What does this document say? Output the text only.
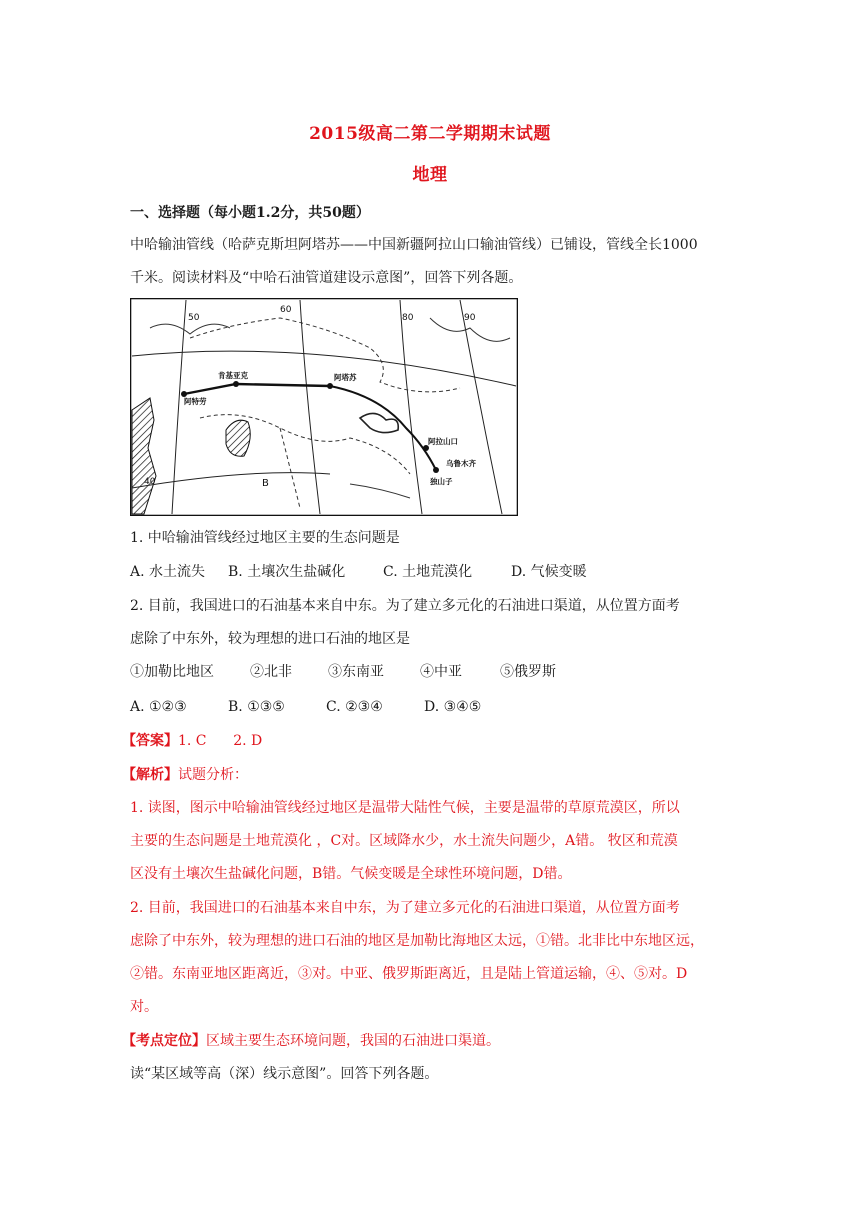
2015级高二第二学期期末试题
地理
一、选择题（每小题1.2分，共50题）
中哈输油管线（哈萨克斯坦阿塔苏——中国新疆阿拉山口输油管线）已铺设，管线全长1000
千米。阅读材料及“中哈石油管道建设示意图”，回答下列各题。
50
60
80	90
40
肯基亚克
阿特劳
阿塔苏
阿拉山口
乌鲁木齐
独山子
B
1. 中哈输油管线经过地区主要的生态问题是
A. 水土流失 B. 土壤次生盐碱化	C. 土地荒漠化	D. 气候变暖
2. 目前，我国进口的石油基本来自中东。为了建立多元化的石油进口渠道，从位置方面考
虑除了中东外，较为理想的进口石油的地区是
①加勒比地区	②北非	③东南亚	④中亚	⑤俄罗斯
A. ①②③	B. ①③⑤	C. ②③④	D. ③④⑤
【答案】1. C      2. D
【解析】试题分析：
1. 读图，图示中哈输油管线经过地区是温带大陆性气候，主要是温带的草原荒漠区，所以
主要的生态问题是土地荒漠化 ，C对。区域降水少，水土流失问题少，A错。 牧区和荒漠
区没有土壤次生盐碱化问题，B错。气候变暖是全球性环境问题，D错。
2. 目前，我国进口的石油基本来自中东，为了建立多元化的石油进口渠道，从位置方面考
虑除了中东外，较为理想的进口石油的地区是加勒比海地区太远，①错。北非比中东地区远，
②错。东南亚地区距离近，③对。中亚、俄罗斯距离近，且是陆上管道运输，④、⑤对。D
对。
【考点定位】区域主要生态环境问题，我国的石油进口渠道。
读“某区域等高（深）线示意图”。回答下列各题。
